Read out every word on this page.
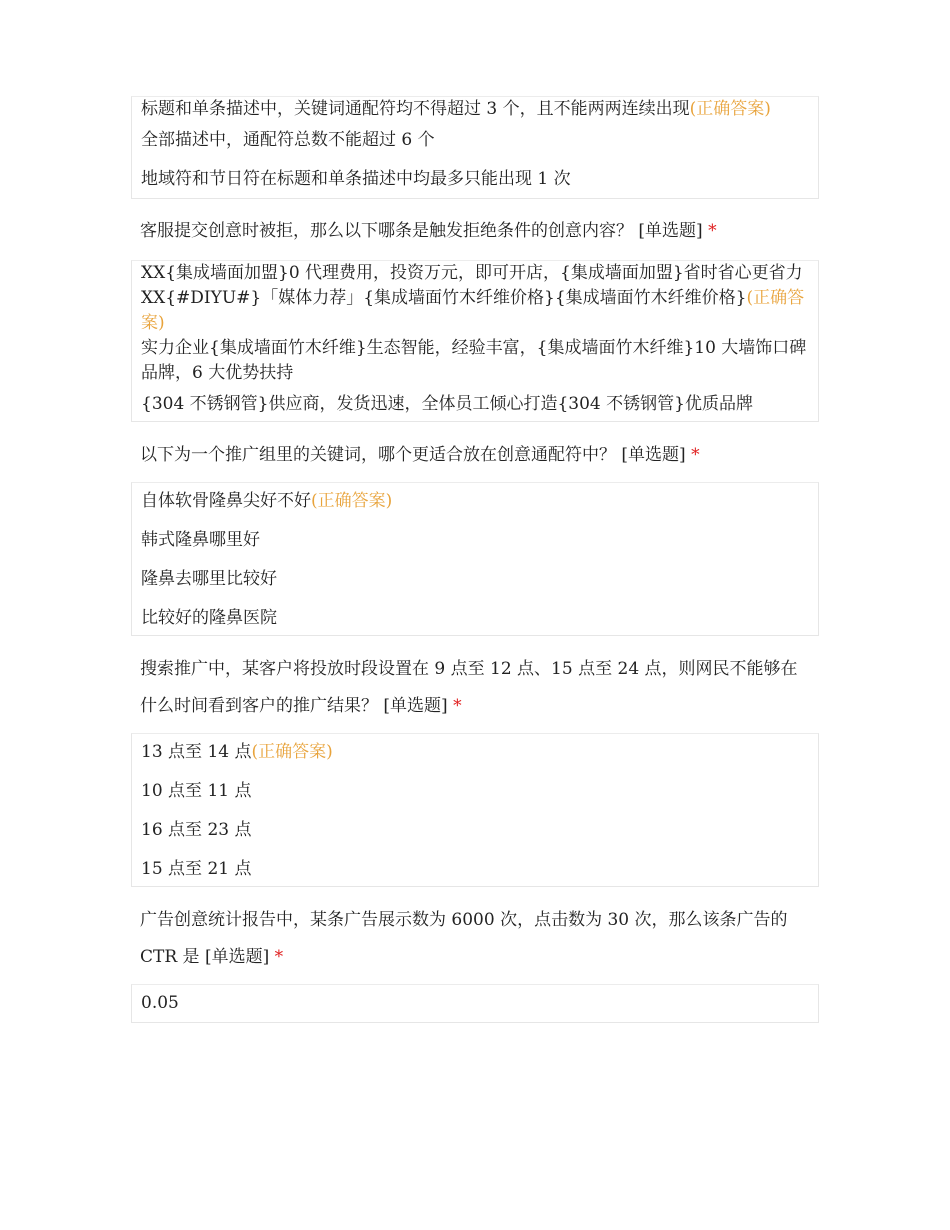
标题和单条描述中，关键词通配符均不得超过 3 个，且不能两两连续出现(正确答案)
全部描述中，通配符总数不能超过 6 个
地域符和节日符在标题和单条描述中均最多只能出现 1 次
客服提交创意时被拒，那么以下哪条是触发拒绝条件的创意内容？ [单选题] *
XX{集成墙面加盟}0 代理费用，投资万元，即可开店，{集成墙面加盟}省时省心更省力
XX{#DIYU#}「媒体力荐」{集成墙面竹木纤维价格}{集成墙面竹木纤维价格}(正确答案)
实力企业{集成墙面竹木纤维}生态智能，经验丰富，{集成墙面竹木纤维}10 大墙饰口碑品牌，6 大优势扶持
{304 不锈钢管}供应商，发货迅速，全体员工倾心打造{304 不锈钢管}优质品牌
以下为一个推广组里的关键词，哪个更适合放在创意通配符中？ [单选题] *
自体软骨隆鼻尖好不好(正确答案)
韩式隆鼻哪里好
隆鼻去哪里比较好
比较好的隆鼻医院
搜索推广中，某客户将投放时段设置在 9 点至 12 点、15 点至 24 点，则网民不能够在什么时间看到客户的推广结果？ [单选题] *
13 点至 14 点(正确答案)
10 点至 11 点
16 点至 23 点
15 点至 21 点
广告创意统计报告中，某条广告展示数为 6000 次，点击数为 30 次，那么该条广告的 CTR 是 [单选题] *
0.05
